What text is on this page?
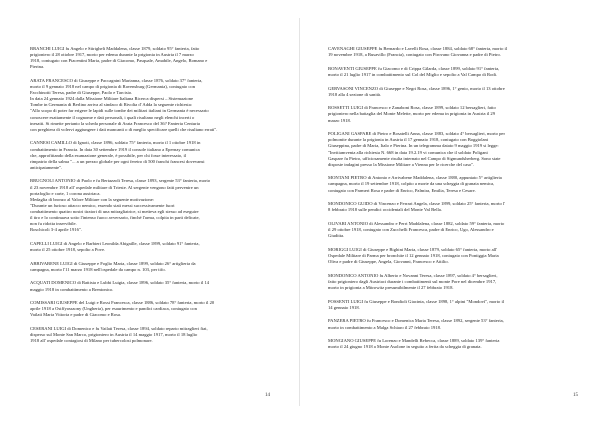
BRANCHI LUIGI fu Angelo e Stirigheli Maddalena, classe 1879, soldato 95° fanteria, fatto
prigioniero il 28 ottobre 1917, morto per edema durante la prigionia in Austria il 7 marzo
1918, coniugato con Piacentini Maria, padre di Giacomo, Pasquale, Amabile, Angelo, Romano e
Pierina.
ARATA FRANCESCO di Giuseppe e Paccagnini Marianna, classe 1876, soldato 37° fanteria,
morto il 9 gennaio 1918 nel campo di prigionia di Ravensburg (Germania), coniugato con
Facchinotti Teresa, padre di Giuseppe, Paolo e Tarcisio.
In data 24 gennaio 1924 dalla Missione Militare Italiana Ricerca dispersi – Sistemazione
Tombe in Germania di Berlino arriva al sindaco di Rivolta d' Adda la seguente richiesta:
"Allo scopo di poter far erigere le lapidi sulle tombe dei militari italiani in Germania è necessario
conoscere esattamente il cognome e dati personali, i quali risultano negli elenchi incerti o
inesatti. Si rimette pertanto la scheda personale di Arata Francesco del 36? Fanteria Centuria
con preghiera di volervi aggiungere i dati mancanti o di meglio specificare quelli che risultano errati".
CANNESI CAMILLO di Ignoti, classe 1896, soldato 75° fanteria, morto il 1 ottobre 1918 in
combattimento in Francia. In data 30 settembre 1919 il console italiano a Epernay comunica
che, approfittando della esumazione generale, è possibile, per chi fosse interessato, il
rimpatrio della salma "... a un prezzo globale per ogni feretro di 500 franchi francesi dovevansi
anticipatamente".
BRUGNOLI ANTONIO di Paolo e fu Bertazzoli Teresa, classe 1893, sergente 53° fanteria, morto
il 23 novembre 1918 all' ospedale militare di Trieste. Al sergente vengono fatti pervenire un
portafoglio e carte, 1 corona austriaca.
Medaglia di bronzo al Valore Militare con la seguente motivazione:
"Durante un furioso attacco nemico, essendo stati messi successivamente fuori
combattimento quattro nostri tiratori di una mitragliatrice, si metteva egli stesso ad eseguire
il tiro e lo continuava sotto l'intenso fuoco avversario, finché l'arma, colpita in parti delicate,
non fu ridotta inservibile.
Boschicoli 3-4 aprile 1916".
CAPELLI LUIGI di Angelo e Barbieri Leonilda Abigaille, classe 1899, soldato 91° fanteria,
morto il 25 ottobre 1918, sepolto a Pove.
ABBIVABENE LUIGI di Giuseppe e Foglio Maria, classe 1899, soldato 26° artiglieria da
campagna, morto l'11 marzo 1918 nell'ospedale da campo n. 103, per tifo.
ACQUATI DOMENICO di Battista e Lubbi Luigia, classe 1896, soldato 35° fanteria, morto il 14
maggio 1918 in combattimento a Brentonico.
COMISSARI GIUSEPPE del Luigi e Rossi Francesca, classe 1886, soldato 78° fanteria, morto il 20
aprile 1918 a Ostffyasszony (Ungheria), per esaurimento e pandici cardiaca, coniugato con
Vailati Maria Vittoria e padre di Giacomo e Rosa.
CESERANI LUIGI di Domenico e fu Vailati Teresa, classe 1894, soldato reparto mitraglieri fiat,
disperso sul Monte San Marco, prigioniero in Austria il 14 maggio 1917, morto il 18 luglio
1918 all' ospedale contagiosi di Milano per tubercolosi polmonare.
14
CAVENAGHI GIUSEPPE fu Bernardo e Lavelli Rosa, classe 1884, soldato 68° fanteria, morto il
19 novembre 1918, a Busavillo (Francia), coniugato con Pirovano Giovanna e padre di Pietro.
BONAVENTI GIUSEPPE fu Giacomo e di Crippa Gilarda, classe 1899, soldato 91° fanteria,
morto il 21 luglio 1917 in combattimento sul Col del Miglio e sepolto a Val Campo di Rodi.
GERVASONI VINCENZO di Giuseppe e Negri Rosa, classe 1896, 1° genio, morto il 13 ottobre
1918 alla 4 sezione di sanità.
ROSSETTI LUIGI di Francesco e Zanaboni Rosa, classe 1899, soldato 12 bersaglieri, fatto
prigioniero nella battaglia del Monte Melette, morto per edema in prigionia in Austria il 29
marzo 1918.
POLIGANI GASPARE di Pietro e Bosatelli Anna, classe 1883, soldato 4° bersaglieri, morto per
polmonite durante la prigionia in Austria il 17 gennaio 1918, coniugato con Boggiolani
Giuseppina, padre di Maria, Italo e Pierina. In un telegramma datato 9 maggio 1919 si legge:
"Invitiamvenia alla richiesta N. 668 in data 19.2.19 vi comunica che il soldato Poligani
Gaspare fu Pietro, ufficiosamente risulta internato nel Campo di Sigmundsherberg. Sono state
disposte indagini presso la Missione Militare a Vienna per le ricerche del caso".
MONTANI PIETRO di Antonio e Arrivabene Maddalena, classe 1880, appuntato 5° artiglieria
campagna, morto il 19 settembre 1918, colpito a morte da una scheggia di granata nemica,
coniugato con Parmeri Rosa e padre di Enrico, Palmira, Emilia, Teresa e Cesare.
MONDONICO GUIDO di Vincenzo e Ferrari Angela, classe 1899, soldato 25° fanteria, morto l'
8 febbraio 1918 sulle pendici occidentali del Monte Val Bella.
OLIVARI ANTONIO di Alessandro e Perri Maddalena, classe 1882, soldato 59° fanteria, morto
il 29 ottobre 1918, coniugato con Zucchelli Francesca, padre di Enrico, Ugo, Alessandro e
Giuditta.
MORIGGI LUIGI di Giuseppe e Bighini Maria, classe 1879, soldato 65° fanteria, morto all'
Ospedale Militare di Parma per bronchite il 12 gennaio 1918, coniugato con Pontiggia Maria
Oliva e padre di Giuseppe, Angela, Giovanni, Francesco e Attilio.
MONDONICO ANTONIO fu Alberto e Novanni Teresa, classe 1897, soldato 4° bersaglieri,
fatto prigioniero dagli Austriaci durante i combattimenti sul monte Pore nel dicembre 1917,
morto in prigionia a Mitrowitz presumibilmente il 27 febbraio 1918.
POSSENTI LUIGI fu Giuseppe e Bondioli Giacinta, classe 1898, 1° alpini "Mondovì", morto il
14 gennaio 1918.
PANZERA PIETRO fu Francesco e Domenica Maria Teresa, classe 1892, sergente 53° fanteria,
morto in combattimento a Malga Schiaro il 27 febbraio 1918.
MONGIANO GIUSEPPE fu Lorenzo e Mandelli Rebecca, classe 1889, soldato 139° fanteria
morto il 24 giugno 1918 a Monte Asolone in seguito a ferita da scheggia di granata.
15
